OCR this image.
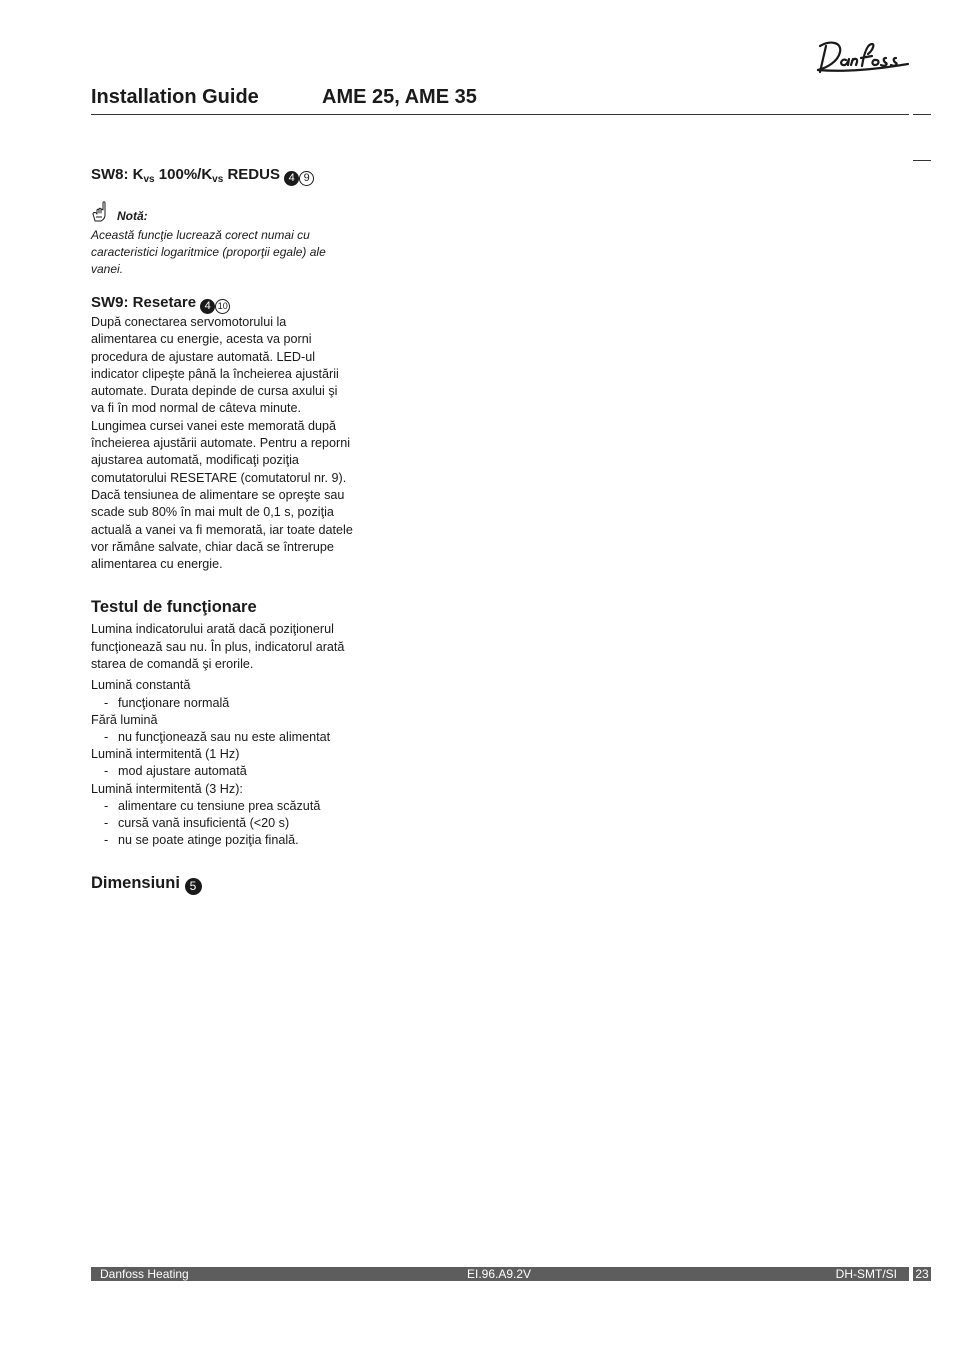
Installation Guide	AME 25, AME 35
SW8: $K_{vs}$ $100\%/K_{vs}$ REDUS 4 9
Notă:

Această funcţie lucrează corect numai cu caracteristici logaritmice (proporţii egale) ale vanei.

SW9: Resetare 4 10

După conectarea servomotorului la alimentarea cu energie, acesta va porni procedura de ajustare automată. LED-ul indicator clipeşte până la încheierea ajustării automate. Durata depinde de cursa axului şi va fi în mod normal de câteva minute. Lungimea cursei vanei este memorată după încheierea ajustării automate. Pentru a reporni ajustarea automată, modificaţi poziţia comutatorului RESETARE (comutatorul nr. 9).

Dacă tensiunea de alimentare se opreşte sau scade sub 80% în mai mult de 0,1 s, poziţia actuală a vanei va fi memorată, iar toate datele vor rămâne salvate, chiar dacă se întrerupe alimentarea cu energie.

Testul de funcţionare

Lumina indicatorului arată dacă poziţionerul funcţionează sau nu. În plus, indicatorul arată starea de comandă şi erorile.

Lumină constantă
- funcţionare normală
Fără lumină
- nu funcţionează sau nu este alimentat
Lumină intermitentă (1 Hz)
- mod ajustare automată
Lumină intermitentă (3 Hz):
- alimentare cu tensiune prea scăzută
- cursă vană insuficientă (<20 s)
- nu se poate atinge poziţia finală.
Dimensiuni 5
Danfoss Heating	EI.96.A9.2V	DH-SMT/SI 23
